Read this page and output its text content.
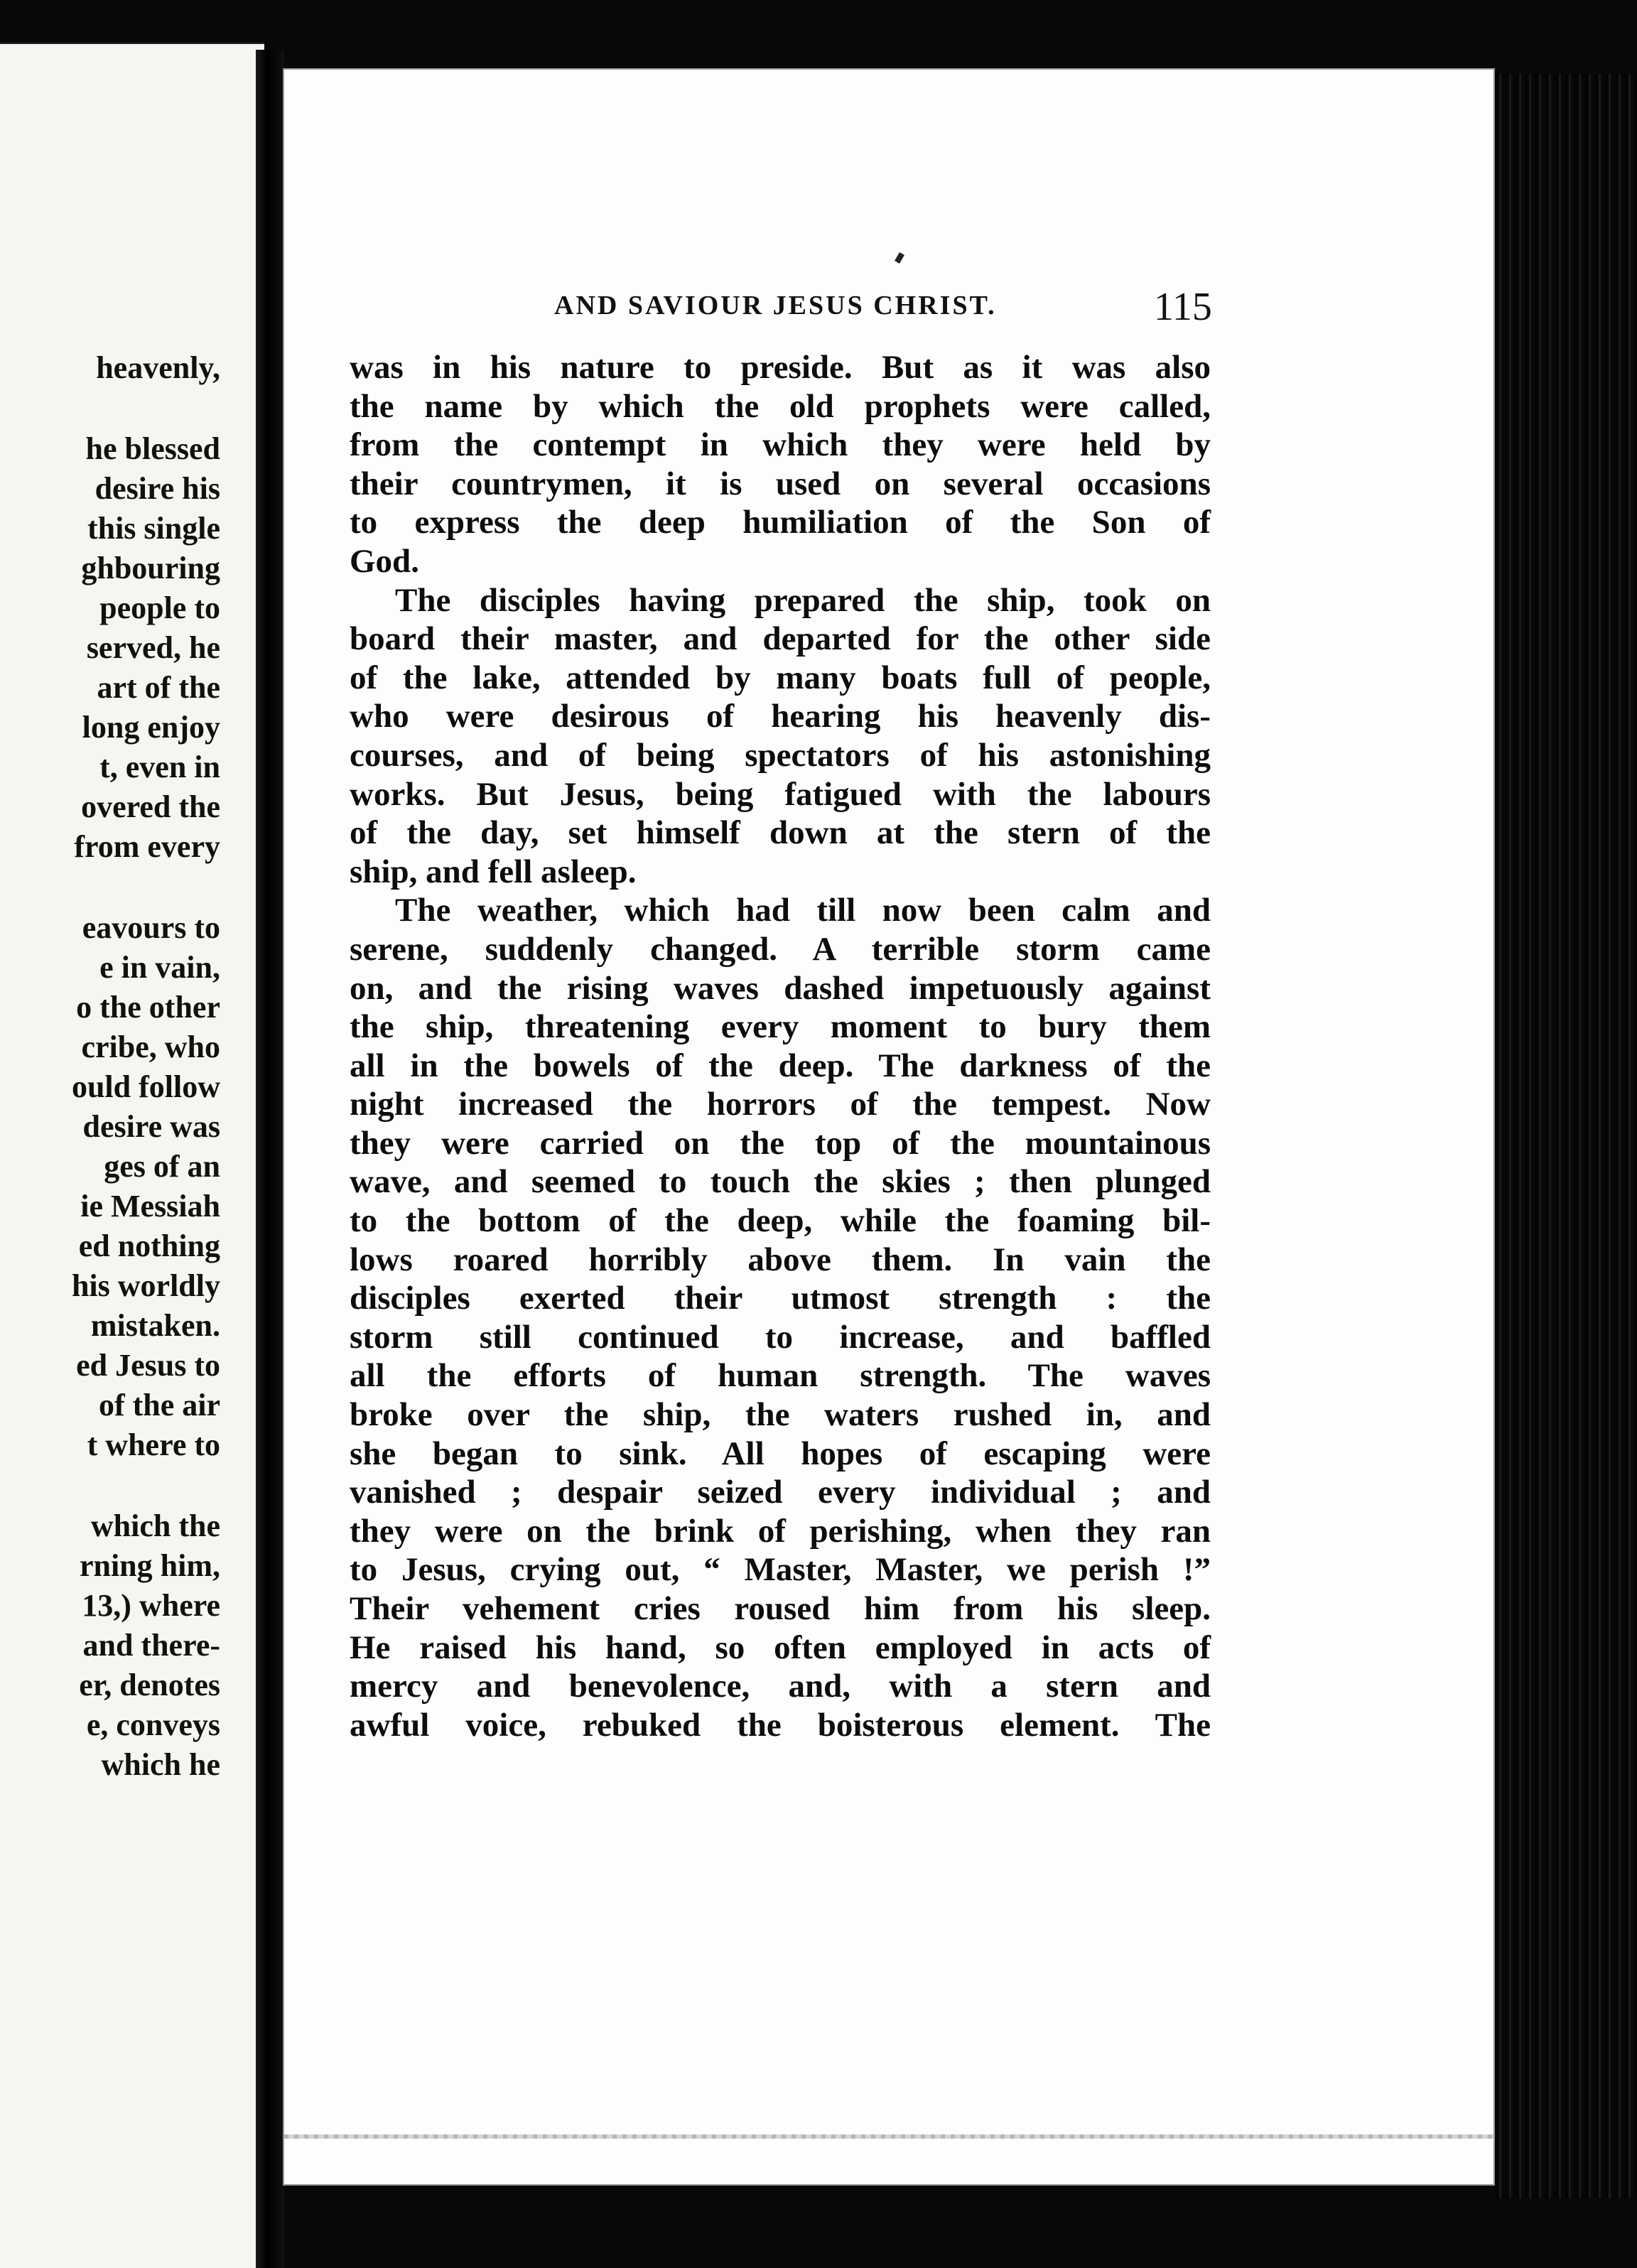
heavenly,
he blessed
desire his
this single
ghbouring
people to
served, he
art of the
long enjoy
t, even in
overed the
from every
eavours to
e in vain,
o the other
cribe, who
ould follow
desire was
ges of an
ie Messiah
ed nothing
his worldly
mistaken.
ed Jesus to
of the air
t where to
which the
rning him,
13,) where
and there-
er, denotes
e, conveys
which he
AND SAVIOUR JESUS CHRIST.	115
was in his nature to preside. But as it was also
the name by which the old prophets were called,
from the contempt in which they were held by
their countrymen, it is used on several occasions
to express the deep humiliation of the Son of
God.
The disciples having prepared the ship, took on
board their master, and departed for the other side
of the lake, attended by many boats full of people,
who were desirous of hearing his heavenly dis-
courses, and of being spectators of his astonishing
works. But Jesus, being fatigued with the labours
of the day, set himself down at the stern of the
ship, and fell asleep.
The weather, which had till now been calm and
serene, suddenly changed. A terrible storm came
on, and the rising waves dashed impetuously against
the ship, threatening every moment to bury them
all in the bowels of the deep. The darkness of the
night increased the horrors of the tempest. Now
they were carried on the top of the mountainous
wave, and seemed to touch the skies ; then plunged
to the bottom of the deep, while the foaming bil-
lows roared horribly above them. In vain the
disciples exerted their utmost strength : the
storm still continued to increase, and baffled
all the efforts of human strength. The waves
broke over the ship, the waters rushed in, and
she began to sink. All hopes of escaping were
vanished ; despair seized every individual ; and
they were on the brink of perishing, when they ran
to Jesus, crying out, “ Master, Master, we perish !”
Their vehement cries roused him from his sleep.
He raised his hand, so often employed in acts of
mercy and benevolence, and, with a stern and
awful voice, rebuked the boisterous element. The
